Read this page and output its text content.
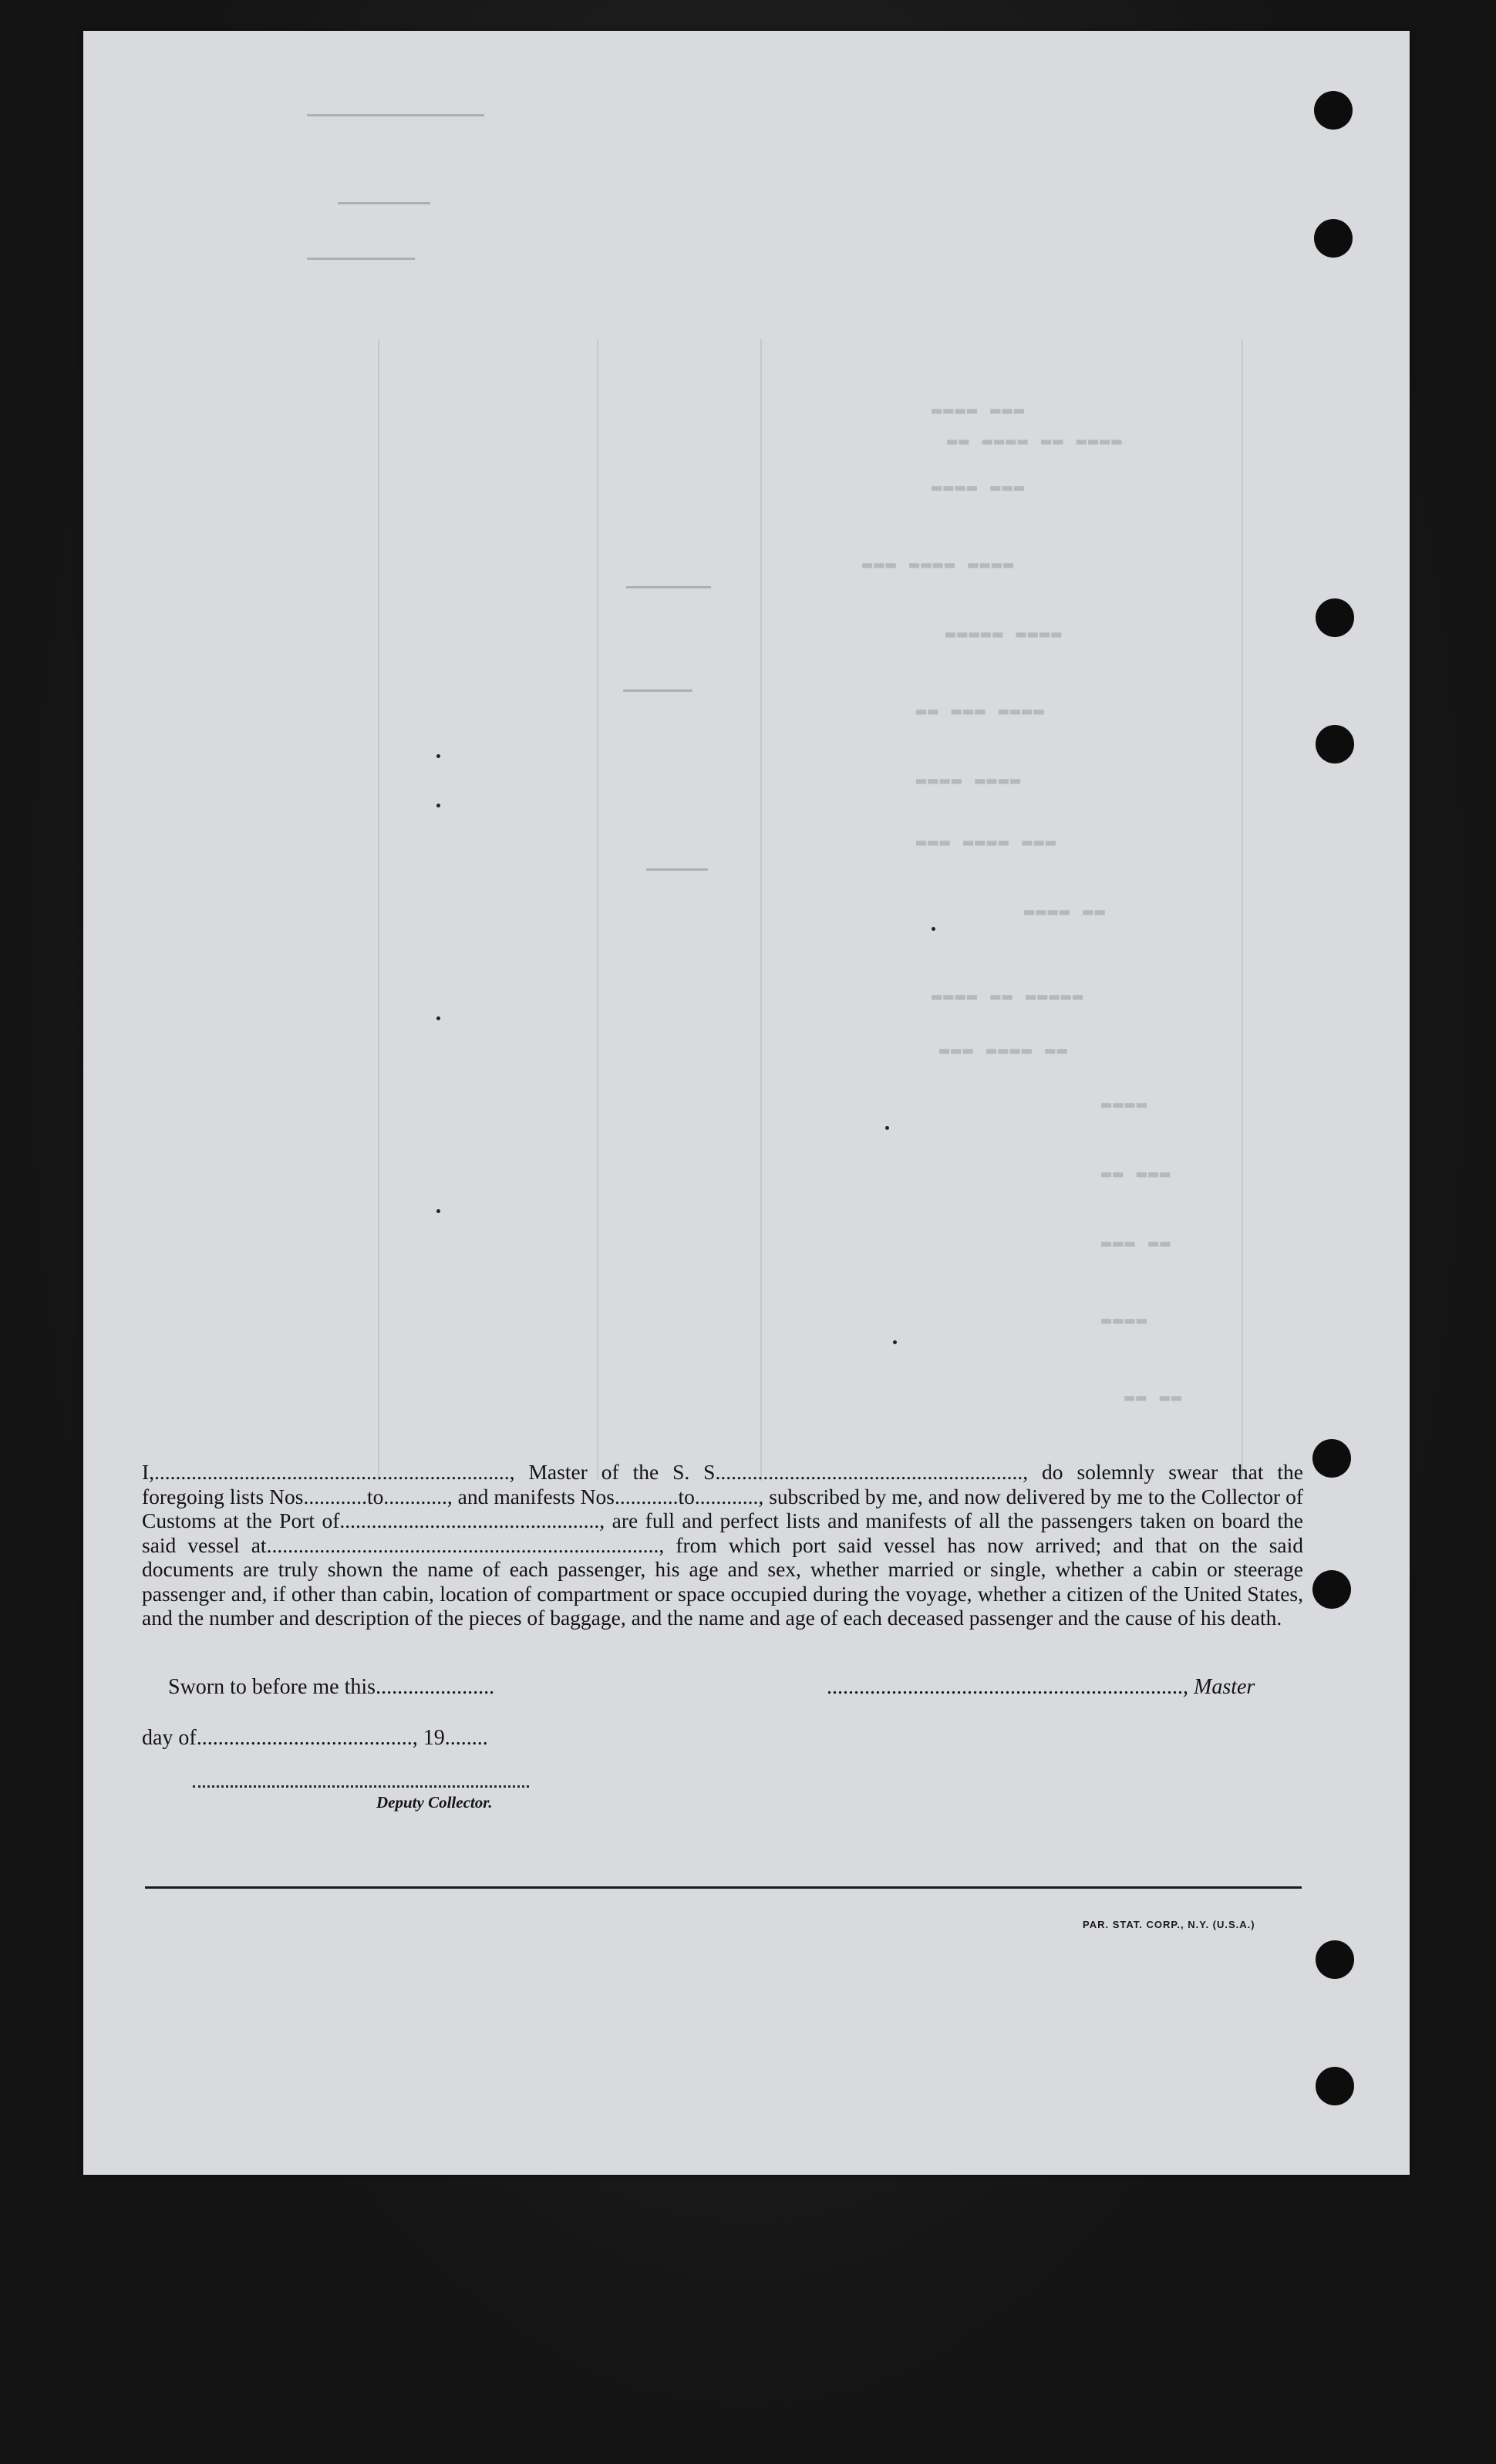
▬▬▬▬ ▬▬▬
▬▬ ▬▬▬▬ ▬▬ ▬▬▬▬
▬▬▬▬ ▬▬▬
▬▬▬ ▬▬▬▬ ▬▬▬▬
▬▬▬▬▬ ▬▬▬▬
▬▬ ▬▬▬ ▬▬▬▬
▬▬▬▬ ▬▬▬▬
▬▬▬ ▬▬▬▬ ▬▬▬
▬▬▬▬ ▬▬
▬▬▬▬ ▬▬ ▬▬▬▬▬
▬▬▬ ▬▬▬▬ ▬▬
▬▬▬▬
▬▬ ▬▬▬
▬▬▬ ▬▬
▬▬▬▬
▬▬ ▬▬
I,..................................................................., Master of the S. S.........................................................., do solemnly swear that the foregoing lists Nos............to............, and manifests Nos............to............, subscribed by me, and now delivered by me to the Collector of Customs at the Port of................................................., are full and perfect lists and manifests of all the passengers taken on board the said vessel at.........................................................................., from which port said vessel has now arrived; and that on the said documents are truly shown the name of each passenger, his age and sex, whether married or single, whether a cabin or steerage passenger and, if other than cabin, location of compartment or space occupied during the voyage, whether a citizen of the United States, and the number and description of the pieces of baggage, and the name and age of each deceased passenger and the cause of his death.
Sworn to before me this......................	.................................................................., Master
day of........................................, 19........
Deputy Collector.
PAR. STAT. CORP., N.Y. (U.S.A.)
